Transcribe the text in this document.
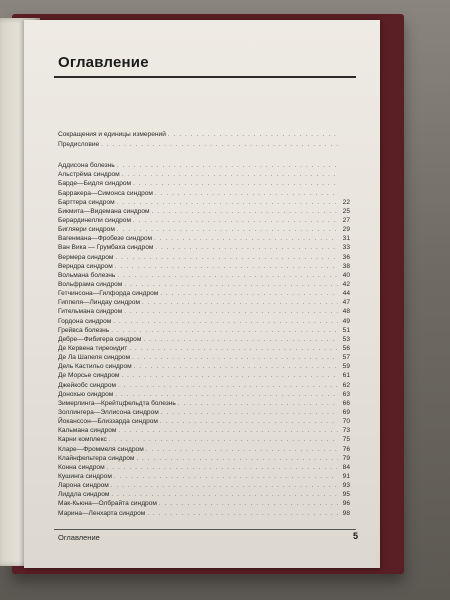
Оглавление
Сокращения и единицы измерений
. . .
Предисловие
. . .
Аддисона болезнь
. . .
Альстрёма синдром
. . .
Барде—Бидля синдром
. . .
Барракера—Симонса синдром
. . .
Барттера синдром . . .	22
Бикмита—Видемана синдром . . .	25
Берардинелли синдром . . .	27
Бигляери синдром . . .	29
Вагенмана—Фробезе синдром . . .	31
Ван Вика — Грумбаха синдром . . .	33
Вермера синдром . . .	36
Верндра синдром . . .	38
Вольмана болезнь . . .	40
Вольфрама синдром . . .	42
Гетчинсона—Гилфорда синдром . . .	44
Гиппеля—Линдау синдром . . .	47
Гительмана синдром . . .	48
Гордона синдром . . .	49
Грейвса болезнь . . .	51
Дебре—Фибигера синдром . . .	53
Де Кервена тиреоидит . . .	56
Де Ла Шапеля синдром . . .	57
Дель Кастильо синдром . . .	59
Де Морсье синдром . . .	61
Джейкобс синдром . . .	62
Донохью синдром . . .	63
Зимерлинга—Крейтцфельдта болезнь . . .	66
Золлингера—Эллисона синдром . . .	69
Йоканссон—Близзарда синдром . . .	70
Кальмана синдром . . .	73
Карни комплекс . . .	75
Кларе—Фроммеля синдром . . .	76
Клайнфельтера синдром . . .	79
Конна синдром . . .	84
Кушинга синдром . . .	91
Ларона синдром . . .	93
Лиддла синдром . . .	95
Мак-Кьюна—Олбрайта синдром . . .	96
Марина—Ленхарта синдром . . .	98
Оглавление	5
